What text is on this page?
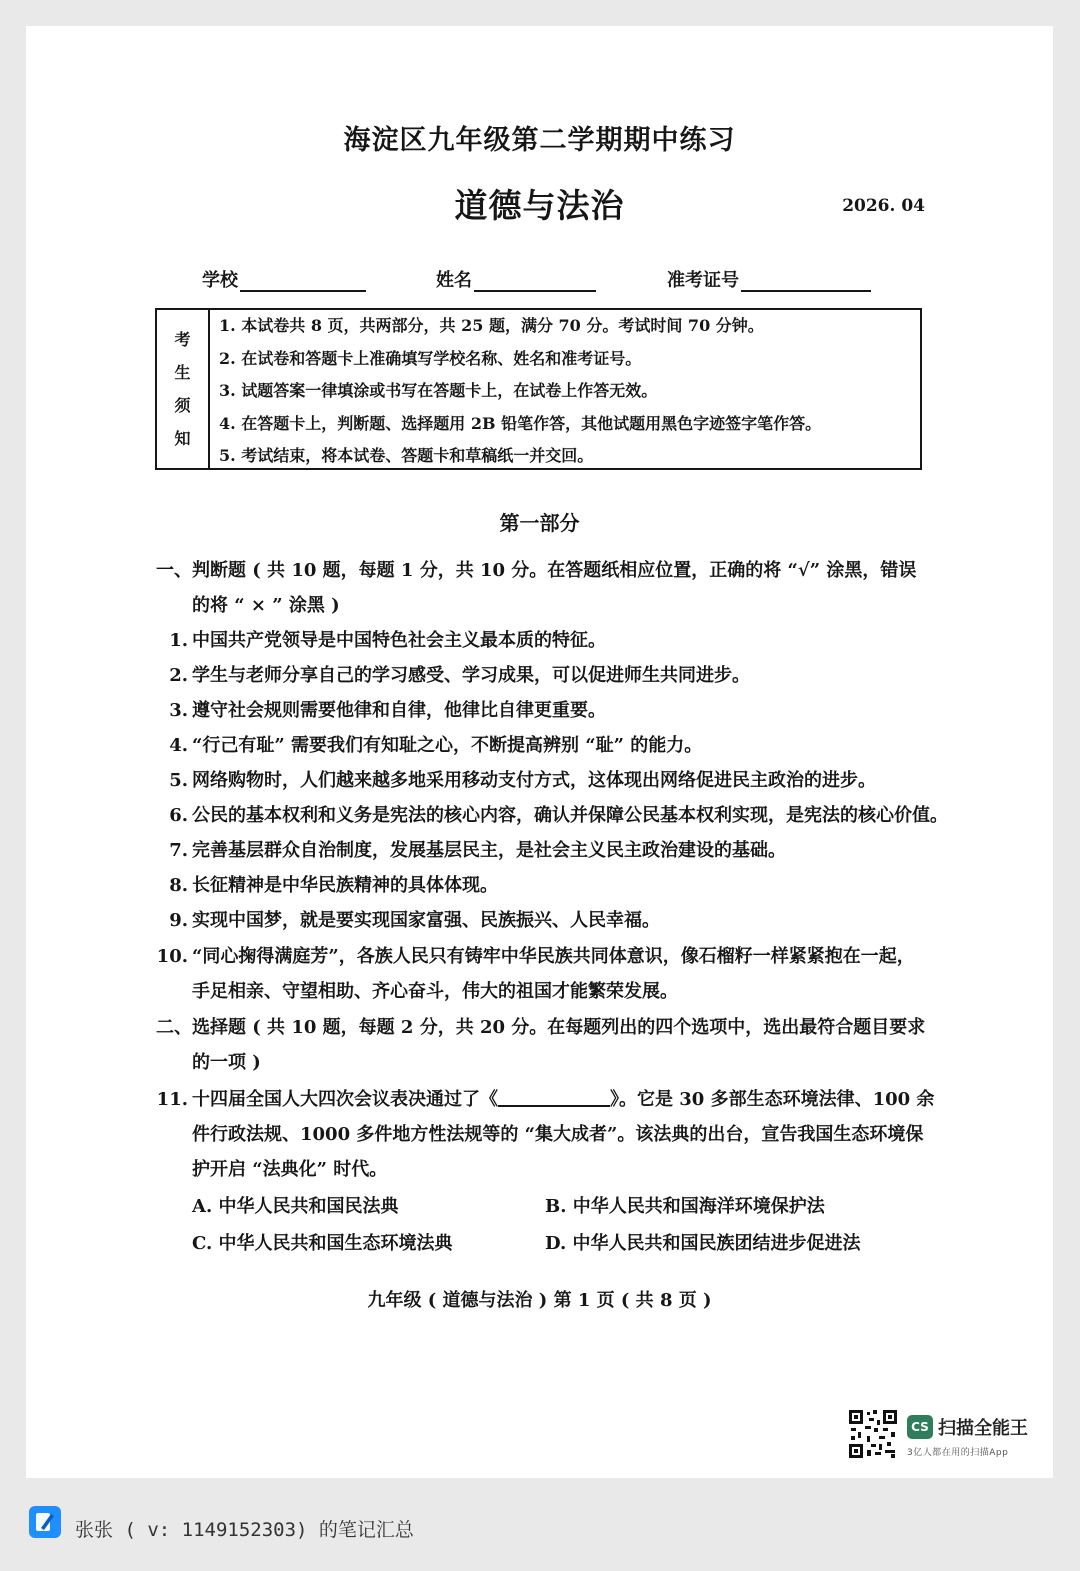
海淀区九年级第二学期期中练习
道德与法治	2026. 04
学校	姓名	准考证号
考
生
须
知
1. 本试卷共 8 页，共两部分，共 25 题，满分 70 分。考试时间 70 分钟。
2. 在试卷和答题卡上准确填写学校名称、姓名和准考证号。
3. 试题答案一律填涂或书写在答题卡上，在试卷上作答无效。
4. 在答题卡上，判断题、选择题用 2B 铅笔作答，其他试题用黑色字迹签字笔作答。
5. 考试结束，将本试卷、答题卡和草稿纸一并交回。
第一部分
一、判断题 ( 共 10 题，每题 1 分，共 10 分。在答题纸相应位置，正确的将 “√” 涂黑，错误
的将 “ × ” 涂黑 )
1. 中国共产党领导是中国特色社会主义最本质的特征。
2. 学生与老师分享自己的学习感受、学习成果，可以促进师生共同进步。
3. 遵守社会规则需要他律和自律，他律比自律更重要。
4. “行己有耻” 需要我们有知耻之心，不断提高辨别 “耻” 的能力。
5. 网络购物时，人们越来越多地采用移动支付方式，这体现出网络促进民主政治的进步。
6. 公民的基本权利和义务是宪法的核心内容，确认并保障公民基本权利实现，是宪法的核心价值。
7. 完善基层群众自治制度，发展基层民主，是社会主义民主政治建设的基础。
8. 长征精神是中华民族精神的具体体现。
9. 实现中国梦，就是要实现国家富强、民族振兴、人民幸福。
10. “同心掬得满庭芳”，各族人民只有铸牢中华民族共同体意识，像石榴籽一样紧紧抱在一起，
手足相亲、守望相助、齐心奋斗，伟大的祖国才能繁荣发展。
二、选择题 ( 共 10 题，每题 2 分，共 20 分。在每题列出的四个选项中，选出最符合题目要求
的一项 )
11. 十四届全国人大四次会议表决通过了《	》。它是 30 多部生态环境法律、100 余
件行政法规、1000 多件地方性法规等的 “集大成者”。该法典的出台，宣告我国生态环境保
护开启 “法典化” 时代。
A. 中华人民共和国民法典	B. 中华人民共和国海洋环境保护法
C. 中华人民共和国生态环境法典	D. 中华人民共和国民族团结进步促进法
九年级 ( 道德与法治 ) 第 1 页 ( 共 8 页 )
CS 扫描全能王
3亿人都在用的扫描App
张张 ( v: 1149152303) 的笔记汇总
